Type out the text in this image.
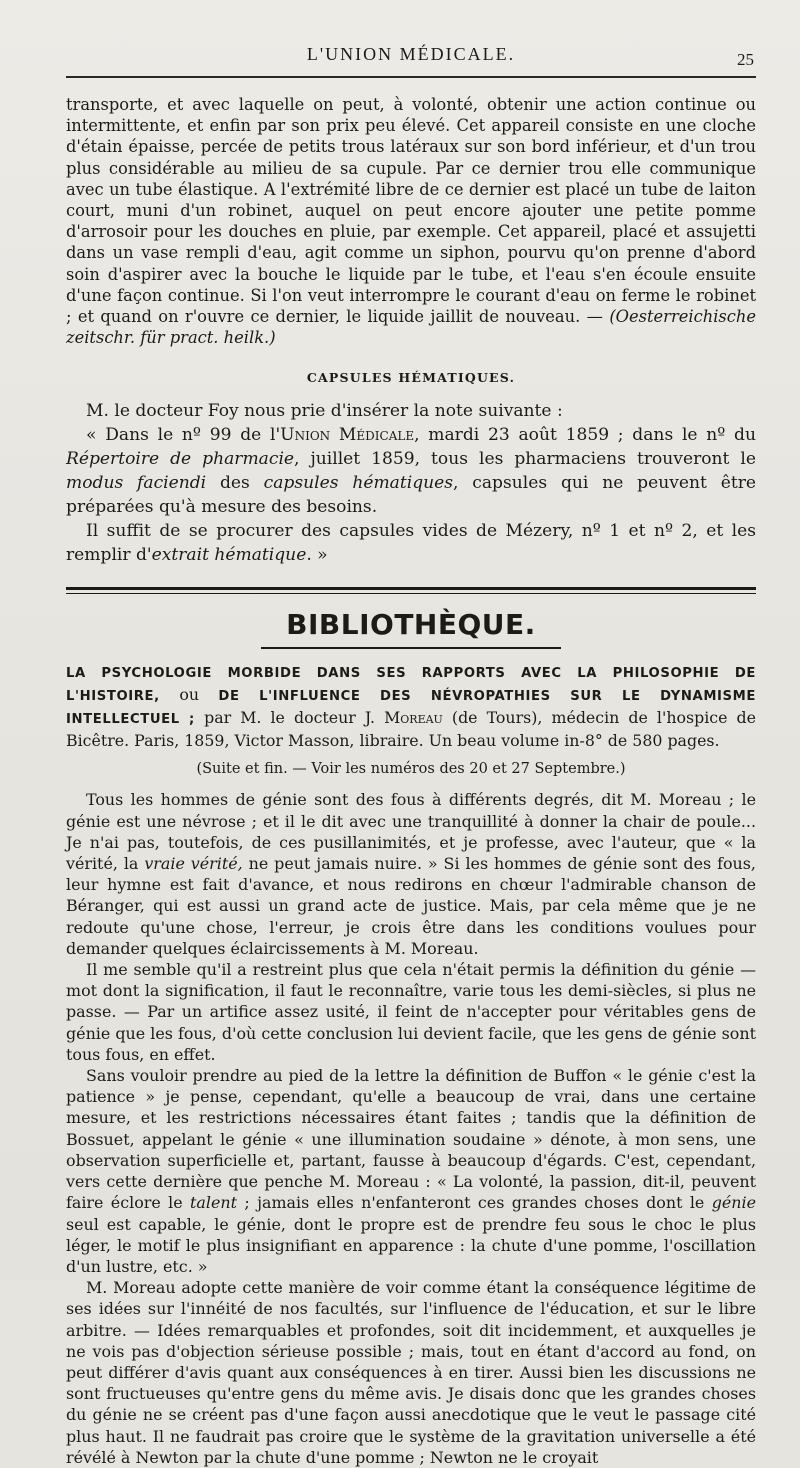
L'UNION MÉDICALE.	25

transporte, et avec laquelle on peut, à volonté, obtenir une action continue ou intermittente, et enfin par son prix peu élevé. Cet appareil consiste en une cloche d'étain épaisse, percée de petits trous latéraux sur son bord inférieur, et d'un trou plus considérable au milieu de sa cupule. Par ce dernier trou elle communique avec un tube élastique. A l'extrémité libre de ce dernier est placé un tube de laiton court, muni d'un robinet, auquel on peut encore ajouter une petite pomme d'arrosoir pour les douches en pluie, par exemple. Cet appareil, placé et assujetti dans un vase rempli d'eau, agit comme un siphon, pourvu qu'on prenne d'abord soin d'aspirer avec la bouche le liquide par le tube, et l'eau s'en écoule ensuite d'une façon continue. Si l'on veut interrompre le courant d'eau on ferme le robinet ; et quand on r'ouvre ce dernier, le liquide jaillit de nouveau. — (Oesterreichische zeitschr. für pract. heilk.)

CAPSULES HÉMATIQUES.

M. le docteur Foy nous prie d'insérer la note suivante :

« Dans le nº 99 de l'Union Médicale, mardi 23 août 1859 ; dans le nº du Répertoire de pharmacie, juillet 1859, tous les pharmaciens trouveront le modus faciendi des capsules hématiques, capsules qui ne peuvent être préparées qu'à mesure des besoins.

Il suffit de se procurer des capsules vides de Mézery, nº 1 et nº 2, et les remplir d'extrait hématique. »

BIBLIOTHÈQUE.
LA PSYCHOLOGIE MORBIDE DANS SES RAPPORTS AVEC LA PHILOSOPHIE DE L'HISTOIRE, ou DE L'INFLUENCE DES NÉVROPATHIES SUR LE DYNAMISME INTELLECTUEL ; par M. le docteur J. Moreau (de Tours), médecin de l'hospice de Bicêtre. Paris, 1859, Victor Masson, libraire. Un beau volume in-8° de 580 pages.
(Suite et fin. — Voir les numéros des 20 et 27 Septembre.)

Tous les hommes de génie sont des fous à différents degrés, dit M. Moreau ; le génie est une névrose ; et il le dit avec une tranquillité à donner la chair de poule... Je n'ai pas, toutefois, de ces pusillanimités, et je professe, avec l'auteur, que « la vérité, la vraie vérité, ne peut jamais nuire. » Si les hommes de génie sont des fous, leur hymne est fait d'avance, et nous redirons en chœur l'admirable chanson de Béranger, qui est aussi un grand acte de justice. Mais, par cela même que je ne redoute qu'une chose, l'erreur, je crois être dans les conditions voulues pour demander quelques éclaircissements à M. Moreau.

Il me semble qu'il a restreint plus que cela n'était permis la définition du génie — mot dont la signification, il faut le reconnaître, varie tous les demi-siècles, si plus ne passe. — Par un artifice assez usité, il feint de n'accepter pour véritables gens de génie que les fous, d'où cette conclusion lui devient facile, que les gens de génie sont tous fous, en effet.

Sans vouloir prendre au pied de la lettre la définition de Buffon « le génie c'est la patience » je pense, cependant, qu'elle a beaucoup de vrai, dans une certaine mesure, et les restrictions nécessaires étant faites ; tandis que la définition de Bossuet, appelant le génie « une illumination soudaine » dénote, à mon sens, une observation superficielle et, partant, fausse à beaucoup d'égards. C'est, cependant, vers cette dernière que penche M. Moreau : « La volonté, la passion, dit-il, peuvent faire éclore le talent ; jamais elles n'enfanteront ces grandes choses dont le génie seul est capable, le génie, dont le propre est de prendre feu sous le choc le plus léger, le motif le plus insignifiant en apparence : la chute d'une pomme, l'oscillation d'un lustre, etc. »

M. Moreau adopte cette manière de voir comme étant la conséquence légitime de ses idées sur l'innéité de nos facultés, sur l'influence de l'éducation, et sur le libre arbitre. — Idées remarquables et profondes, soit dit incidemment, et auxquelles je ne vois pas d'objection sérieuse possible ; mais, tout en étant d'accord au fond, on peut différer d'avis quant aux conséquences à en tirer. Aussi bien les discussions ne sont fructueuses qu'entre gens du même avis. Je disais donc que les grandes choses du génie ne se créent pas d'une façon aussi anecdotique que le veut le passage cité plus haut. Il ne faudrait pas croire que le système de la gravitation universelle a été révélé à Newton par la chute d'une pomme ; Newton ne le croyait
